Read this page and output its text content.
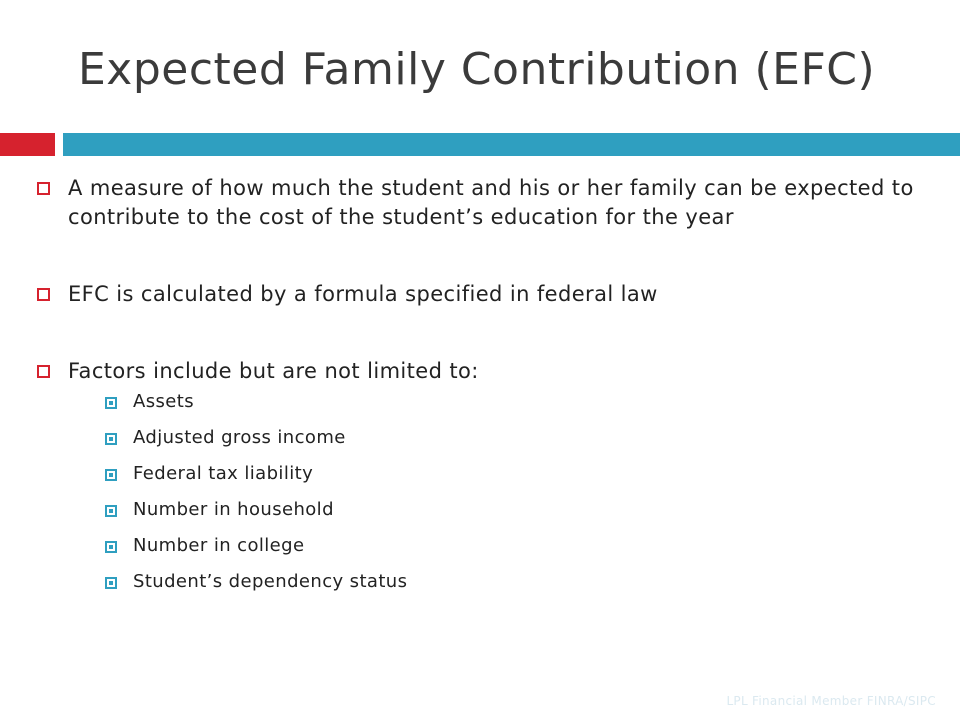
Expected Family Contribution (EFC)
A measure of how much the student and his or her family can be expected to contribute to the cost of the student’s education for the year
EFC is calculated by a formula specified in federal law
Factors include but are not limited to:
Assets
Adjusted gross income
Federal tax liability
Number in household
Number in college
Student’s dependency status
LPL Financial Member FINRA/SIPC
